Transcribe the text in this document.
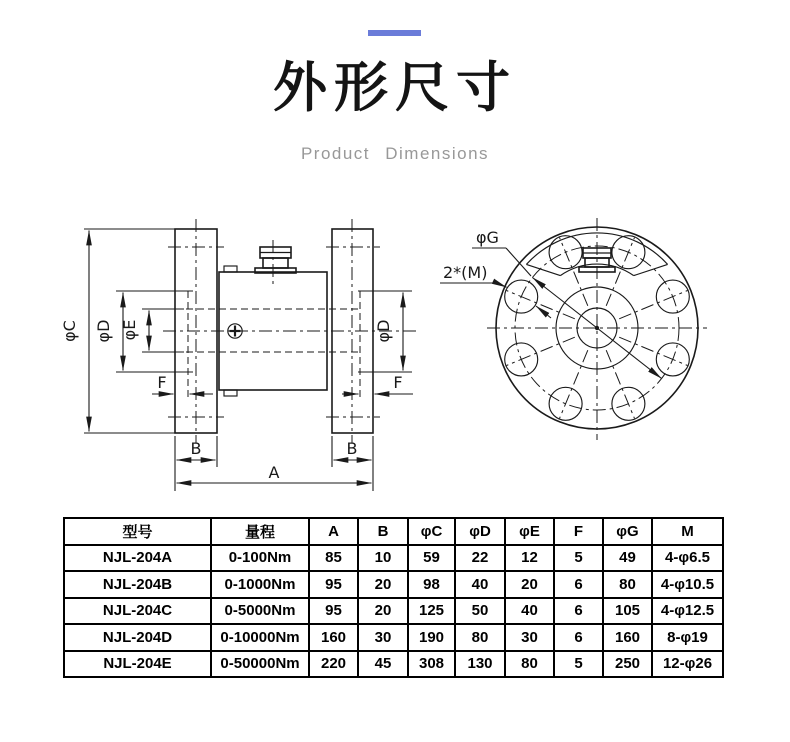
外形尺寸
Product Dimensions
φC φD φE	φD
F	F
B	B
A
φG
2*(M)
型号	量程	A	B	φC	φD	φE	F	φG	M
NJL-204A	0-100Nm	85	10	59	22	12	5	49	4-φ6.5
NJL-204B	0-1000Nm	95	20	98	40	20	6	80	4-φ10.5
NJL-204C	0-5000Nm	95	20	125	50	40	6	105	4-φ12.5
NJL-204D	0-10000Nm	160	30	190	80	30	6	160	8-φ19
NJL-204E	0-50000Nm	220	45	308	130	80	5	250	12-φ26
